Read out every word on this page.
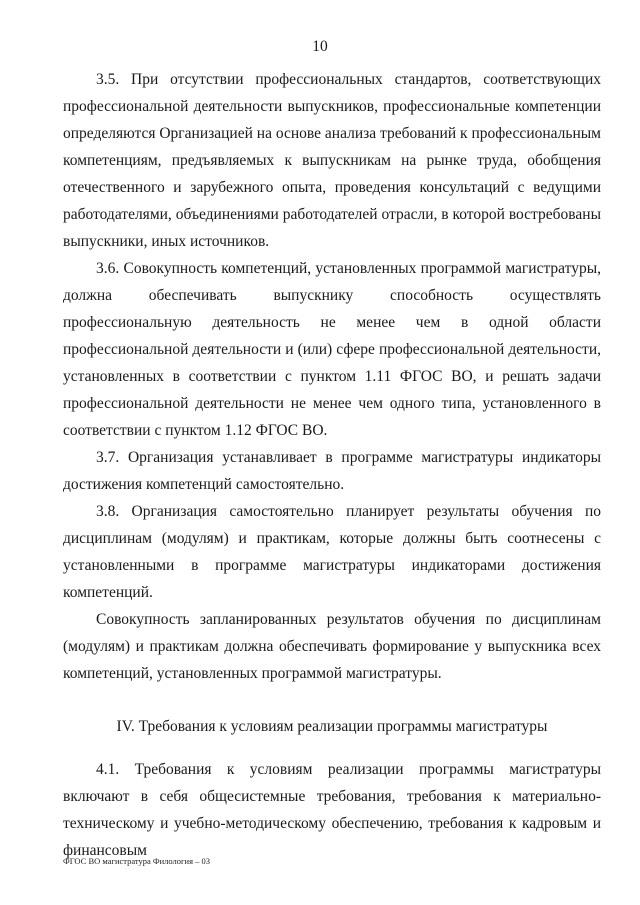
10

3.5. При отсутствии профессиональных стандартов, соответствующих профессиональной деятельности выпускников, профессиональные компетенции определяются Организацией на основе анализа требований к профессиональным компетенциям, предъявляемых к выпускникам на рынке труда, обобщения отечественного и зарубежного опыта, проведения консультаций с ведущими работодателями, объединениями работодателей отрасли, в которой востребованы выпускники, иных источников.

3.6. Совокупность компетенций, установленных программой магистратуры, должна обеспечивать выпускнику способность осуществлять профессиональную деятельность не менее чем в одной области профессиональной деятельности и (или) сфере профессиональной деятельности, установленных в соответствии с пунктом 1.11 ФГОС ВО, и решать задачи профессиональной деятельности не менее чем одного типа, установленного в соответствии с пунктом 1.12 ФГОС ВО.

3.7. Организация устанавливает в программе магистратуры индикаторы достижения компетенций самостоятельно.

3.8. Организация самостоятельно планирует результаты обучения по дисциплинам (модулям) и практикам, которые должны быть соотнесены с установленными в программе магистратуры индикаторами достижения компетенций.

Совокупность запланированных результатов обучения по дисциплинам (модулям) и практикам должна обеспечивать формирование у выпускника всех компетенций, установленных программой магистратуры.

IV. Требования к условиям реализации программы магистратуры

4.1. Требования к условиям реализации программы магистратуры включают в себя общесистемные требования, требования к материально-техническому и учебно-методическому обеспечению, требования к кадровым и финансовым

ФГОС ВО магистратура Филология – 03
